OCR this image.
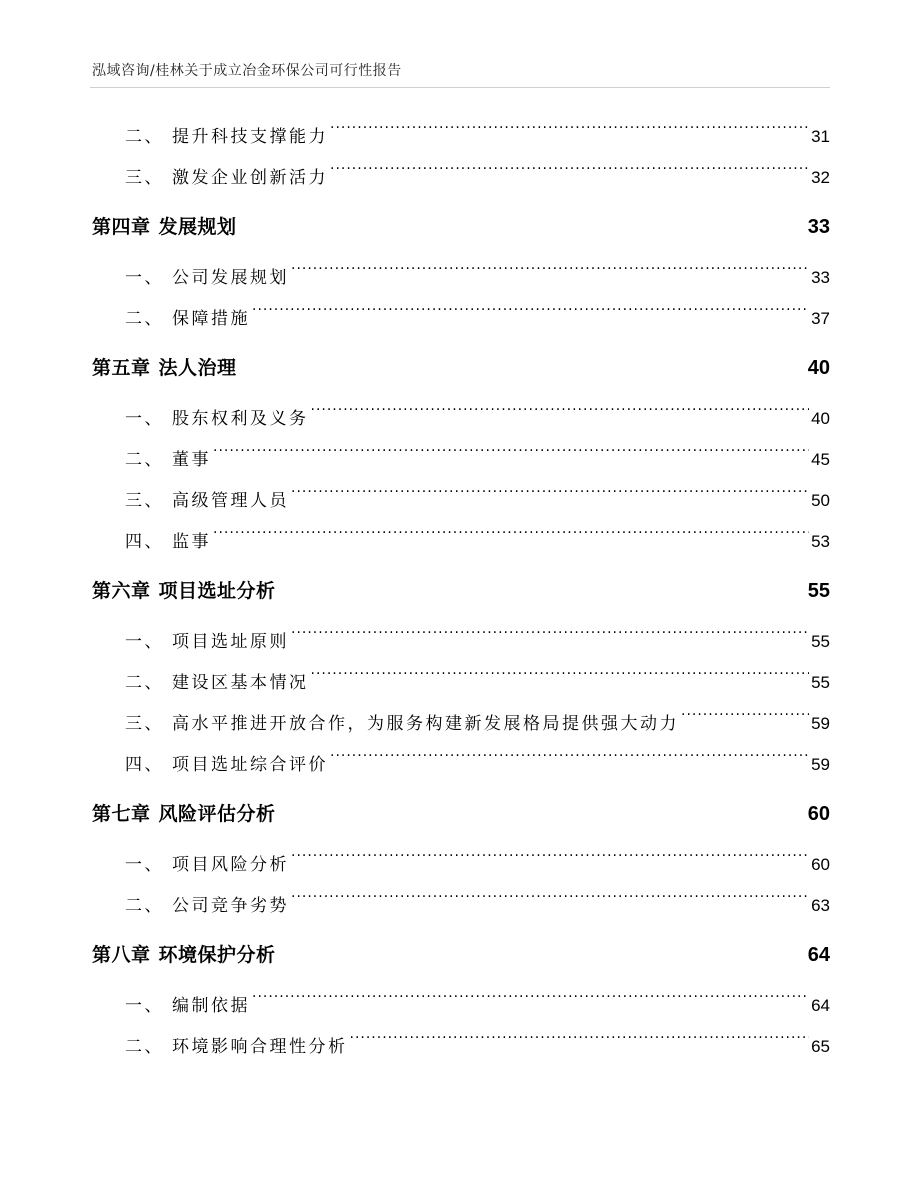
泓域咨询/桂林关于成立冶金环保公司可行性报告
二、 提升科技支撑能力 .....	31
三、 激发企业创新活力 .....	32
第四章 发展规划 .....	33
一、 公司发展规划 .....	33
二、 保障措施 .....	37
第五章 法人治理 .....	40
一、 股东权利及义务 .....	40
二、 董事 .....	45
三、 高级管理人员 .....	50
四、 监事 .....	53
第六章 项目选址分析 .....	55
一、 项目选址原则 .....	55
二、 建设区基本情况 .....	55
三、 高水平推进开放合作，为服务构建新发展格局提供强大动力 .....	59
四、 项目选址综合评价 .....	59
第七章 风险评估分析 .....	60
一、 项目风险分析 .....	60
二、 公司竞争劣势 .....	63
第八章 环境保护分析 .....	64
一、 编制依据 .....	64
二、 环境影响合理性分析 .....	65
